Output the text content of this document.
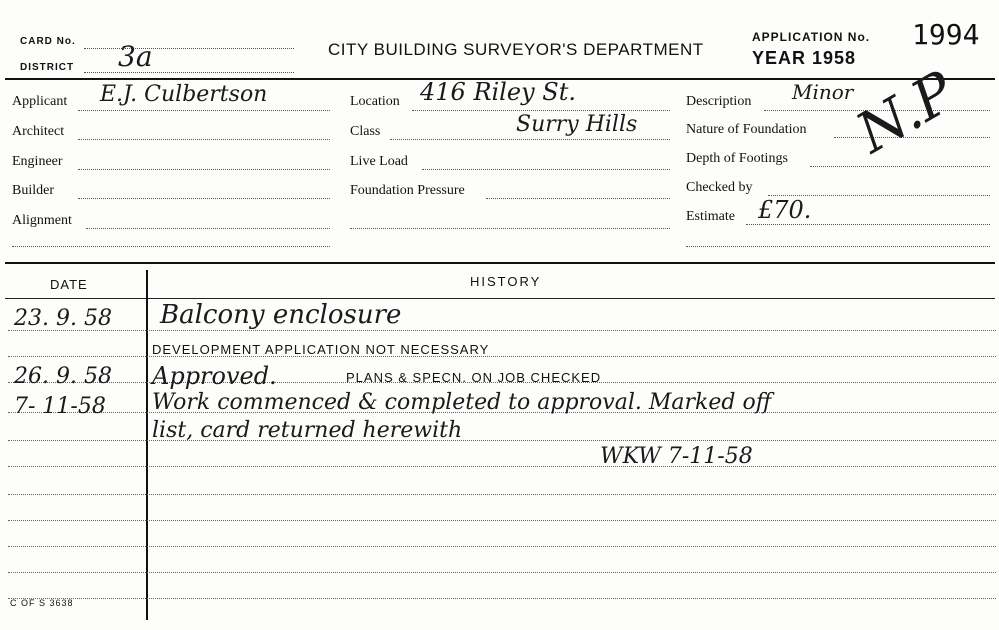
CARD No.
DISTRICT 3a	CITY BUILDING SURVEYOR'S DEPARTMENT
APPLICATION No. 1994
YEAR 1958
Applicant E.J. Culbertson
Architect
Engineer
Builder
Alignment
Location 416 Riley St.
Class	Surry Hills
Live Load
Foundation Pressure
Description Minor
Nature of Foundation
Depth of Footings
Checked by
Estimate £70.
N.P
DATE	HISTORY
23. 9. 58 Balcony enclosure
DEVELOPMENT APPLICATION NOT NECESSARY
26. 9. 58 Approved.	PLANS & SPECN. ON JOB CHECKED
7- 11-58 Work commenced & completed to approval. Marked off
list, card returned herewith
WKW 7-11-58
C OF S 3638
